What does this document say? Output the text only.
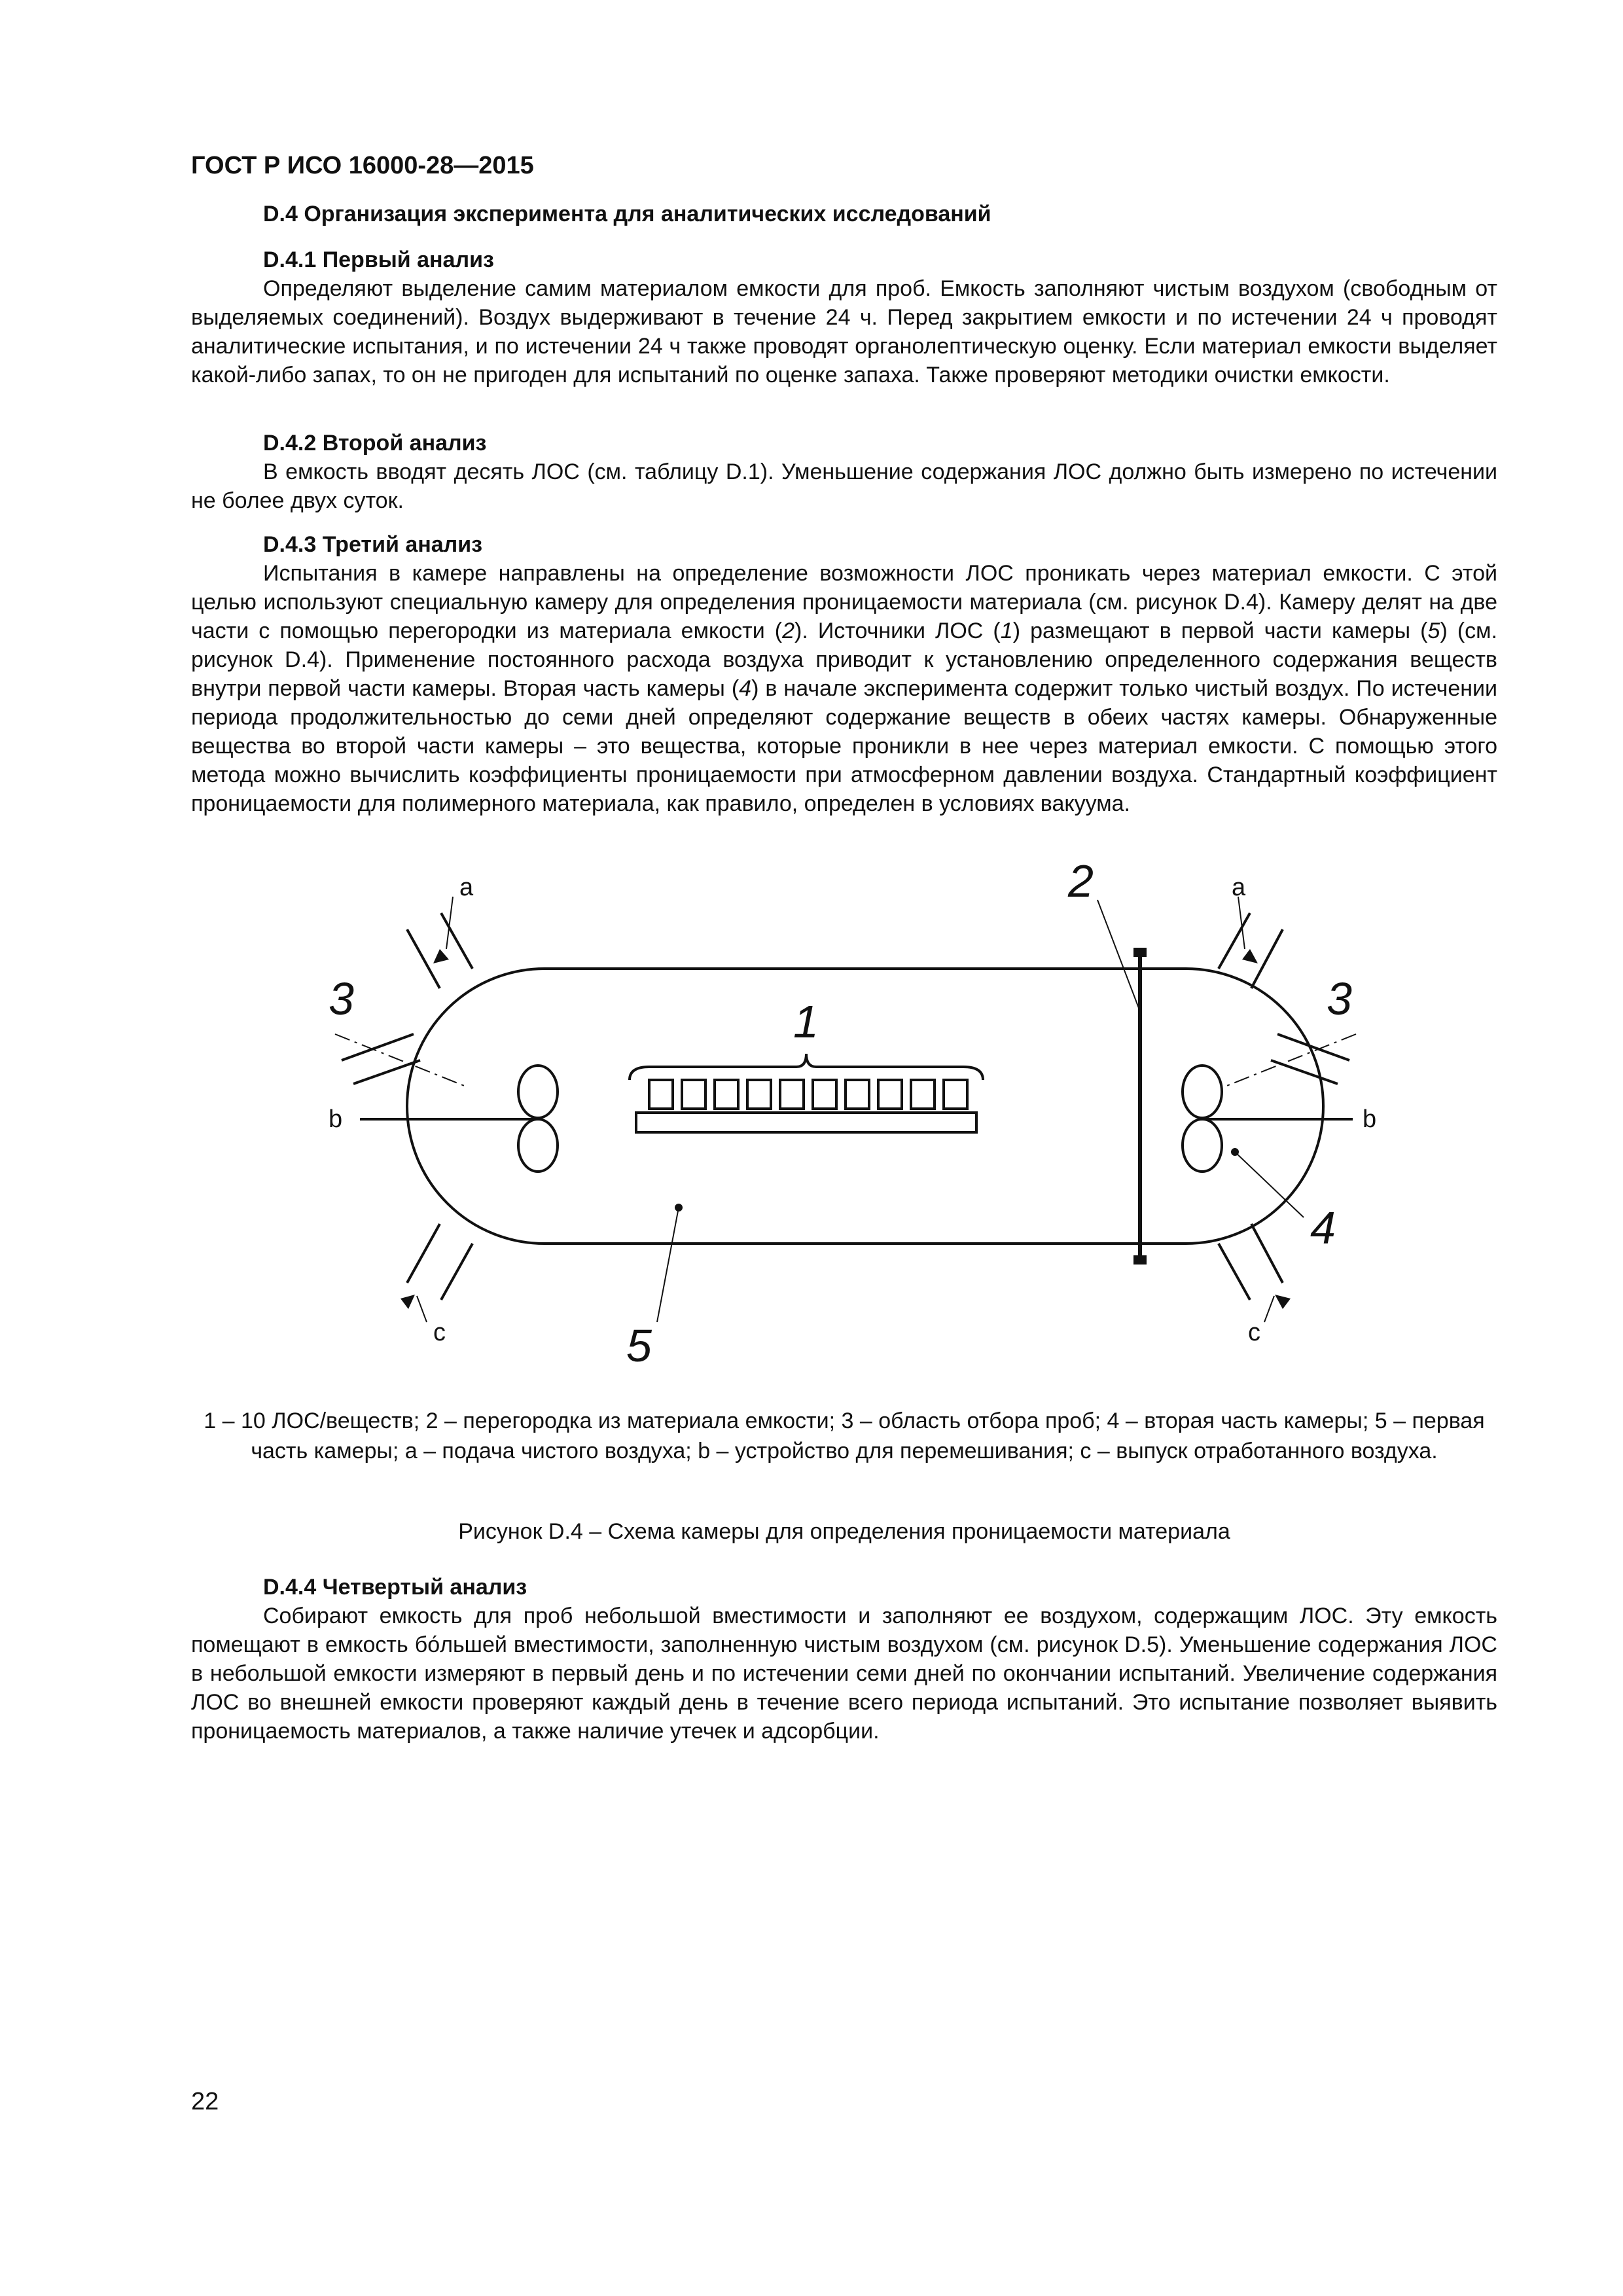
ГОСТ Р ИСО 16000-28—2015
D.4 Организация эксперимента для аналитических исследований
D.4.1 Первый анализ

Определяют выделение самим материалом емкости для проб. Емкость заполняют чистым воздухом (свободным от выделяемых соединений). Воздух выдерживают в течение 24 ч. Перед закрытием емкости и по истечении 24 ч проводят аналитические испытания, и по истечении 24 ч также проводят органолептическую оценку. Если материал емкости выделяет какой-либо запах, то он не пригоден для испытаний по оценке запаха. Также проверяют методики очистки емкости.

D.4.2 Второй анализ

В емкость вводят десять ЛОС (см. таблицу D.1). Уменьшение содержания ЛОС должно быть измерено по истечении не более двух суток.

D.4.3 Третий анализ

Испытания в камере направлены на определение возможности ЛОС проникать через материал емкости. С этой целью используют специальную камеру для определения проницаемости материала (см. рисунок D.4). Камеру делят на две части с помощью перегородки из материала емкости (2). Источники ЛОС (1) размещают в первой части камеры (5) (см. рисунок D.4). Применение постоянного расхода воздуха приводит к установлению определенного содержания веществ внутри первой части камеры. Вторая часть камеры (4) в начале эксперимента содержит только чистый воздух. По истечении периода продолжительностью до семи дней определяют содержание веществ в обеих частях камеры. Обнаруженные вещества во второй части камеры – это вещества, которые проникли в нее через материал емкости. С помощью этого метода можно вычислить коэффициенты проницаемости при атмосферном давлении воздуха. Стандартный коэффициент проницаемости для полимерного материала, как правило, определен в условиях вакуума.

1
2
3	3
4
5
a	a
b	b
c	c

1 – 10 ЛОС/веществ; 2 – перегородка из материала емкости; 3 – область отбора проб; 4 – вторая часть камеры; 5 – первая часть камеры; a – подача чистого воздуха; b – устройство для перемешивания; c – выпуск отработанного воздуха.

Рисунок D.4 – Схема камеры для определения проницаемости материала

D.4.4 Четвертый анализ

Собирают емкость для проб небольшой вместимости и заполняют ее воздухом, содержащим ЛОС. Эту емкость помещают в емкость бо́льшей вместимости, заполненную чистым воздухом (см. рисунок D.5). Уменьшение содержания ЛОС в небольшой емкости измеряют в первый день и по истечении семи дней по окончании испытаний. Увеличение содержания ЛОС во внешней емкости проверяют каждый день в течение всего периода испытаний. Это испытание позволяет выявить проницаемость материалов, а также наличие утечек и адсорбции.

22
